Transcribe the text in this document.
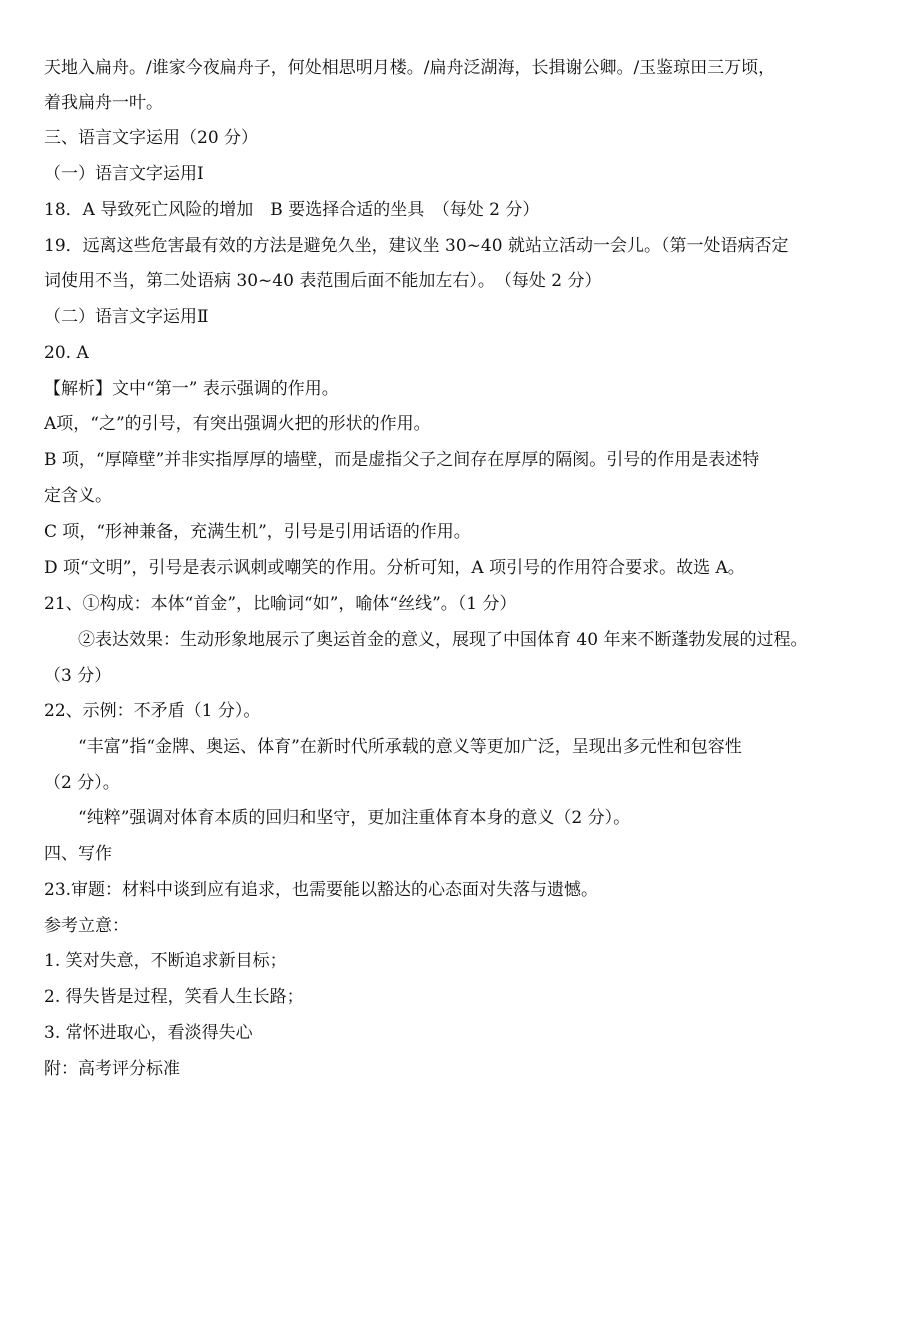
天地入扁舟。/谁家今夜扁舟子，何处相思明月楼。/扁舟泛湖海，长揖谢公卿。/玉鉴琼田三万顷，
着我扁舟一叶。
三、语言文字运用（20 分）
（一）语言文字运用Ⅰ
18．A 导致死亡风险的增加　B 要选择合适的坐具　（每处 2 分）
19．远离这些危害最有效的方法是避免久坐，建议坐 30~40 就站立活动一会儿。（第一处语病否定
词使用不当，第二处语病 30~40 表范围后面不能加左右）。　（每处 2 分）
（二）语言文字运用Ⅱ
20. A
【解析】文中“第一” 表示强调的作用。
A项，“之”的引号，有突出强调火把的形状的作用。
B 项，“厚障壁”并非实指厚厚的墙壁，而是虚指父子之间存在厚厚的隔阂。引号的作用是表述特
定含义。
C 项，“形神兼备，充满生机”，引号是引用话语的作用。
D 项“文明”，引号是表示讽刺或嘲笑的作用。分析可知，A 项引号的作用符合要求。故选 A。
21、①构成：本体“首金”，比喻词“如”，喻体“丝线”。（1 分）
②表达效果：生动形象地展示了奥运首金的意义，展现了中国体育 40 年来不断蓬勃发展的过程。
（3 分）
22、示例：不矛盾（1 分）。
“丰富”指“金牌、奥运、体育”在新时代所承载的意义等更加广泛，呈现出多元性和包容性
（2 分）。
“纯粹”强调对体育本质的回归和坚守，更加注重体育本身的意义（2 分）。
四、写作
23.审题：材料中谈到应有追求，也需要能以豁达的心态面对失落与遗憾。
参考立意：
1. 笑对失意，不断追求新目标；
2. 得失皆是过程，笑看人生长路；
3. 常怀进取心，看淡得失心
附：高考评分标准
